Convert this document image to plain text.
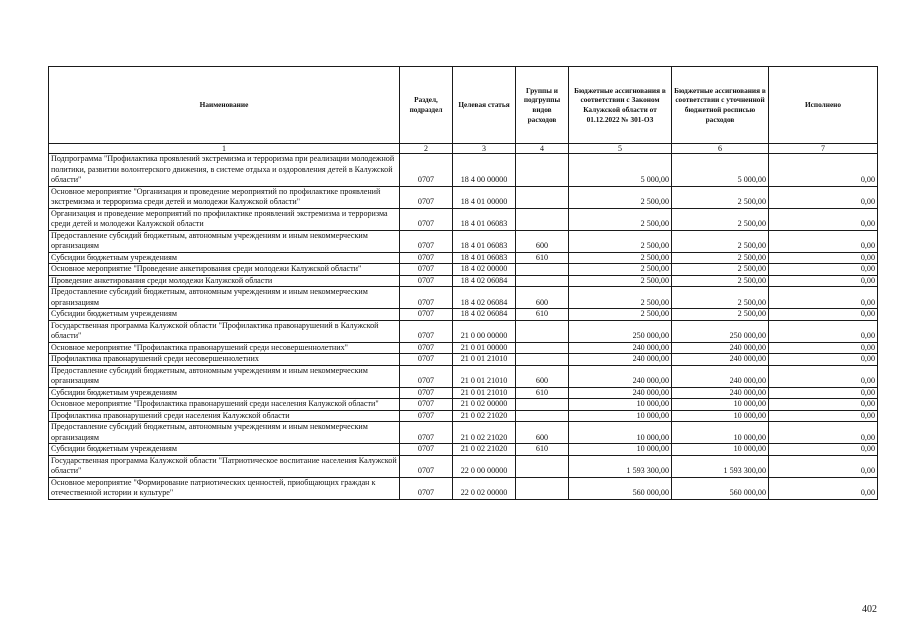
Наименование	Раздел, подраздел	Целевая статья	Группы и подгруппы видов расходов	Бюджетные ассигнования в соответствии с Законом Калужской области от 01.12.2022 № 301-ОЗ	Бюджетные ассигнования в соответствии с уточненной бюджетной росписью расходов	Исполнено
1	2	3	4	5	6	7
Подпрограмма "Профилактика проявлений экстремизма и терроризма при реализации молодежной политики, развитии волонтерского движения, в системе отдыха и оздоровления детей в Калужской области"	0707	18 4 00 00000		5 000,00	5 000,00	0,00
Основное мероприятие "Организация и проведение мероприятий по профилактике проявлений экстремизма и терроризма среди детей и молодежи Калужской области"	0707	18 4 01 00000		2 500,00	2 500,00	0,00
Организация и проведение мероприятий по профилактике проявлений экстремизма и терроризма среди детей и молодежи Калужской области	0707	18 4 01 06083		2 500,00	2 500,00	0,00
Предоставление субсидий бюджетным, автономным учреждениям и иным некоммерческим организациям	0707	18 4 01 06083	600	2 500,00	2 500,00	0,00
Субсидии бюджетным учреждениям	0707	18 4 01 06083	610	2 500,00	2 500,00	0,00
Основное мероприятие "Проведение анкетирования среди молодежи Калужской области"	0707	18 4 02 00000		2 500,00	2 500,00	0,00
Проведение анкетирования среди молодежи Калужской области	0707	18 4 02 06084		2 500,00	2 500,00	0,00
Предоставление субсидий бюджетным, автономным учреждениям и иным некоммерческим организациям	0707	18 4 02 06084	600	2 500,00	2 500,00	0,00
Субсидии бюджетным учреждениям	0707	18 4 02 06084	610	2 500,00	2 500,00	0,00
Государственная программа Калужской области "Профилактика правонарушений в Калужской области"	0707	21 0 00 00000		250 000,00	250 000,00	0,00
Основное мероприятие "Профилактика правонарушений среди несовершеннолетних"	0707	21 0 01 00000		240 000,00	240 000,00	0,00
Профилактика правонарушений среди несовершеннолетних	0707	21 0 01 21010		240 000,00	240 000,00	0,00
Предоставление субсидий бюджетным, автономным учреждениям и иным некоммерческим организациям	0707	21 0 01 21010	600	240 000,00	240 000,00	0,00
Субсидии бюджетным учреждениям	0707	21 0 01 21010	610	240 000,00	240 000,00	0,00
Основное мероприятие "Профилактика правонарушений среди населения Калужской области"	0707	21 0 02 00000		10 000,00	10 000,00	0,00
Профилактика правонарушений среди населения Калужской области	0707	21 0 02 21020		10 000,00	10 000,00	0,00
Предоставление субсидий бюджетным, автономным учреждениям и иным некоммерческим организациям	0707	21 0 02 21020	600	10 000,00	10 000,00	0,00
Субсидии бюджетным учреждениям	0707	21 0 02 21020	610	10 000,00	10 000,00	0,00
Государственная программа Калужской области "Патриотическое воспитание населения Калужской области"	0707	22 0 00 00000		1 593 300,00	1 593 300,00	0,00
Основное мероприятие "Формирование патриотических ценностей, приобщающих граждан к отечественной истории и культуре"	0707	22 0 02 00000		560 000,00	560 000,00	0,00
402
